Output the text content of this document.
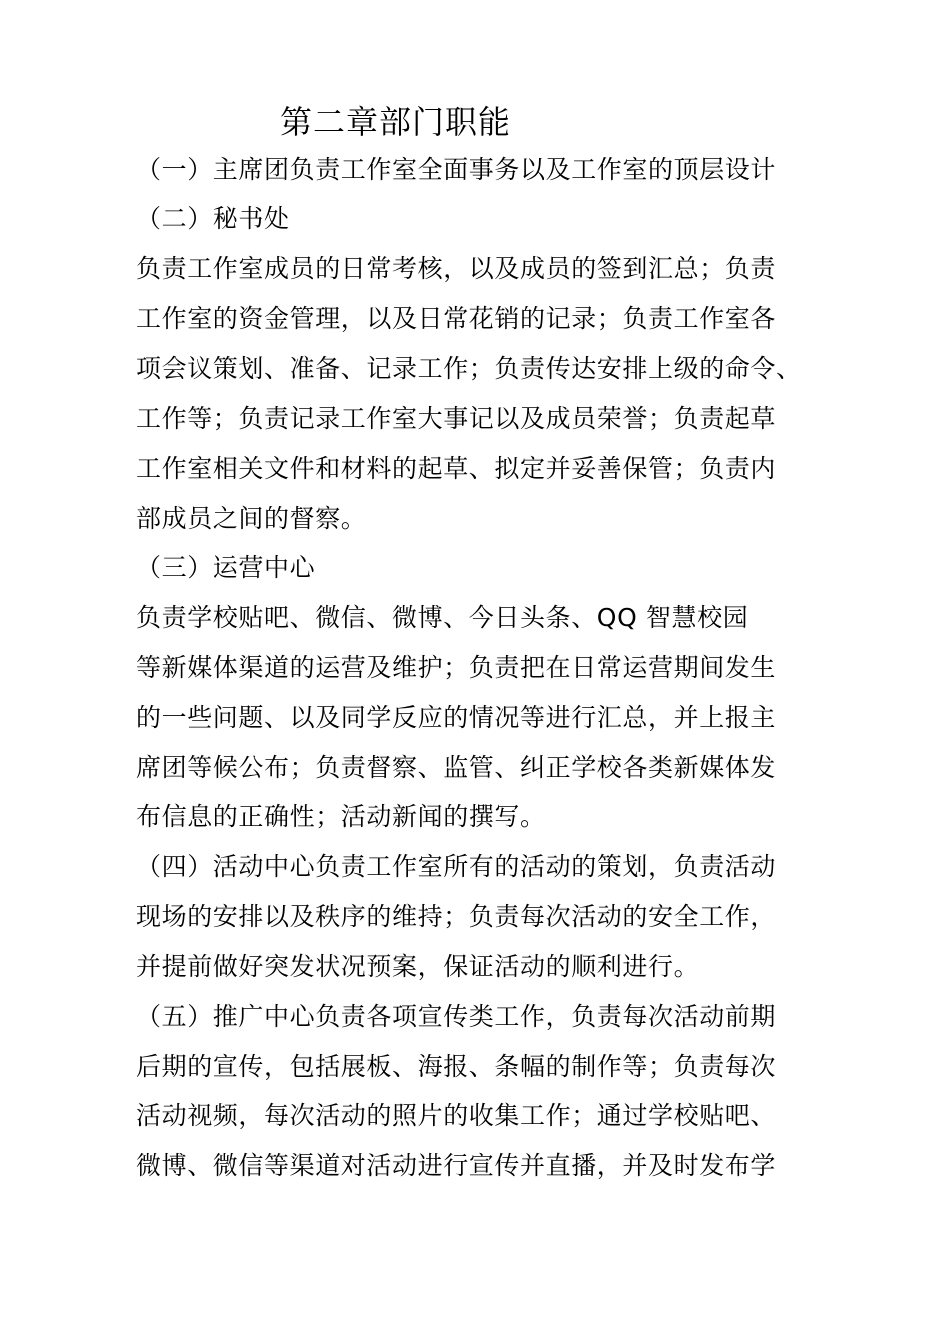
第二章部门职能
（一）主席团负责工作室全面事务以及工作室的顶层设计
（二）秘书处
负责工作室成员的日常考核，以及成员的签到汇总；负责
工作室的资金管理，以及日常花销的记录；负责工作室各
项会议策划、准备、记录工作；负责传达安排上级的命令、
工作等；负责记录工作室大事记以及成员荣誉；负责起草
工作室相关文件和材料的起草、拟定并妥善保管；负责内
部成员之间的督察。
（三）运营中心
负责学校贴吧、微信、微博、今日头条、QQ 智慧校园
等新媒体渠道的运营及维护；负责把在日常运营期间发生
的一些问题、以及同学反应的情况等进行汇总，并上报主
席团等候公布；负责督察、监管、纠正学校各类新媒体发
布信息的正确性；活动新闻的撰写。
（四）活动中心负责工作室所有的活动的策划，负责活动
现场的安排以及秩序的维持；负责每次活动的安全工作，
并提前做好突发状况预案，保证活动的顺利进行。
（五）推广中心负责各项宣传类工作，负责每次活动前期
后期的宣传，包括展板、海报、条幅的制作等；负责每次
活动视频，每次活动的照片的收集工作；通过学校贴吧、
微博、微信等渠道对活动进行宣传并直播，并及时发布学
